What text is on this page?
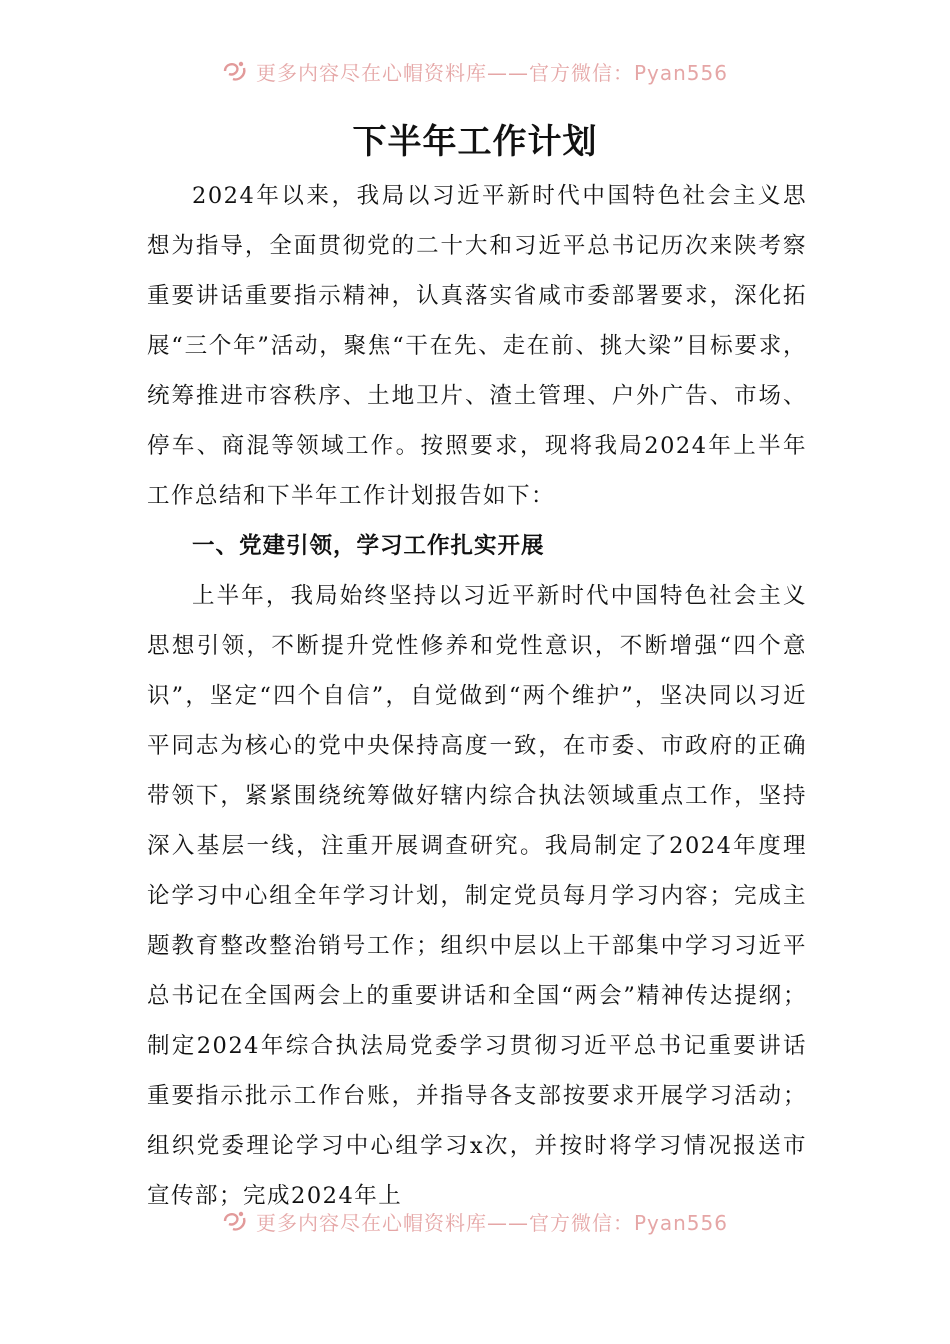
更多内容尽在心帽资料库——官方微信：Pyan556
下半年工作计划

2024年以来，我局以习近平新时代中国特色社会主义思想为指导，全面贯彻党的二十大和习近平总书记历次来陕考察重要讲话重要指示精神，认真落实省咸市委部署要求，深化拓展“三个年”活动，聚焦“干在先、走在前、挑大梁”目标要求，统筹推进市容秩序、土地卫片、渣土管理、户外广告、市场、停车、商混等领域工作。按照要求，现将我局2024年上半年工作总结和下半年工作计划报告如下：

一、党建引领，学习工作扎实开展

上半年，我局始终坚持以习近平新时代中国特色社会主义思想引领，不断提升党性修养和党性意识，不断增强“四个意识”，坚定“四个自信”，自觉做到“两个维护”，坚决同以习近平同志为核心的党中央保持高度一致，在市委、市政府的正确带领下，紧紧围绕统筹做好辖内综合执法领域重点工作，坚持深入基层一线，注重开展调查研究。我局制定了2024年度理论学习中心组全年学习计划，制定党员每月学习内容；完成主题教育整改整治销号工作；组织中层以上干部集中学习习近平总书记在全国两会上的重要讲话和全国“两会”精神传达提纲；制定2024年综合执法局党委学习贯彻习近平总书记重要讲话重要指示批示工作台账，并指导各支部按要求开展学习活动；组织党委理论学习中心组学习x次，并按时将学习情况报送市宣传部；完成2024年上

更多内容尽在心帽资料库——官方微信：Pyan556
